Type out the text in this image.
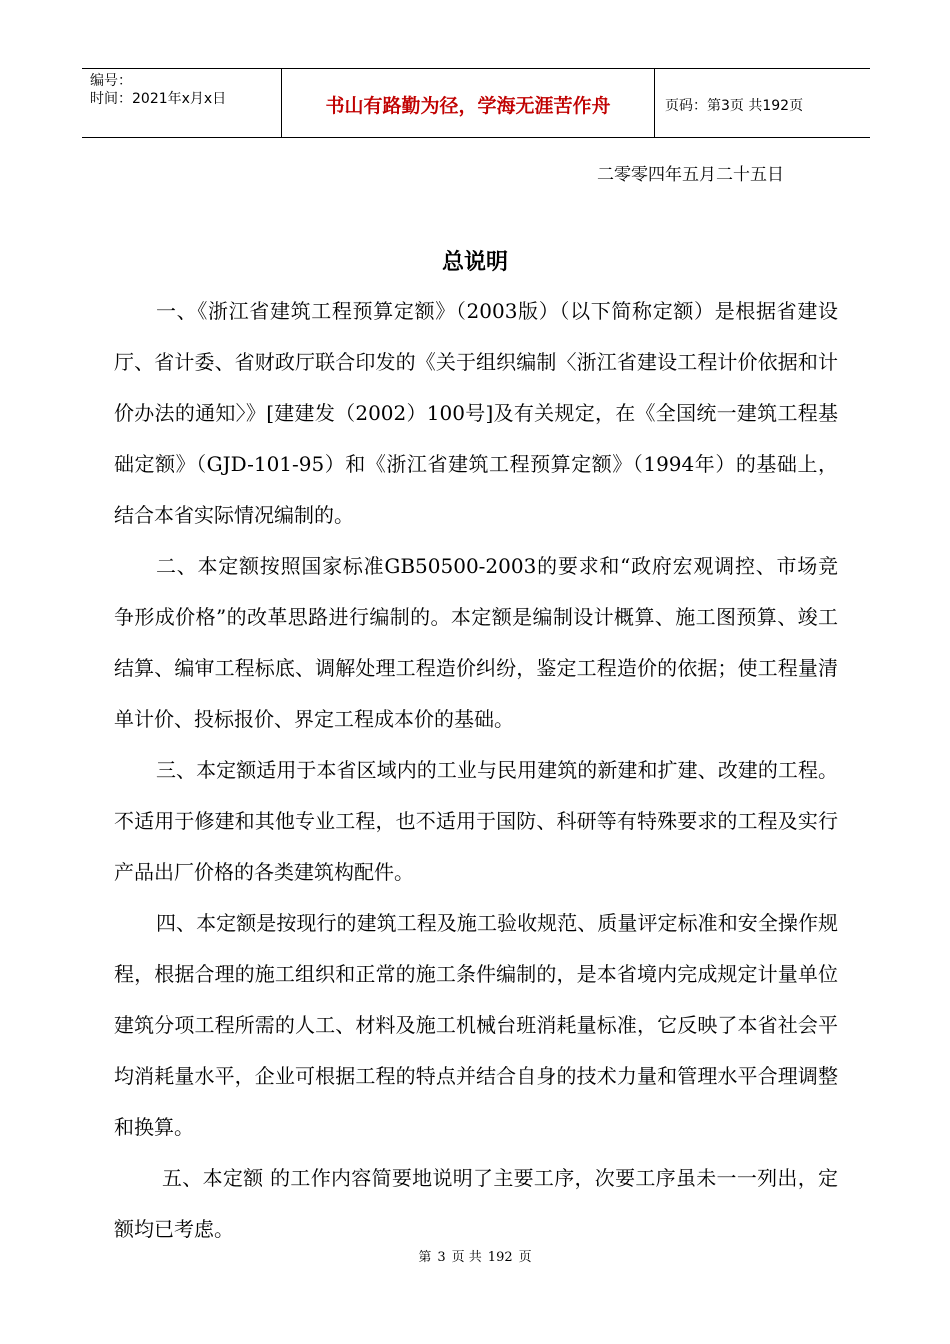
编号：
时间：2021年x月x日	书山有路勤为径，学海无涯苦作舟	页码：第3页 共192页
二零零四年五月二十五日
总说明

一、《浙江省建筑工程预算定额》（2003版）（以下简称定额）是根据省建设厅、省计委、省财政厅联合印发的《关于组织编制〈浙江省建设工程计价依据和计价办法的通知〉》[建建发（2002）100号]及有关规定，在《全国统一建筑工程基础定额》（GJD-101-95）和《浙江省建筑工程预算定额》（1994年）的基础上，结合本省实际情况编制的。

二、本定额按照国家标准GB50500-2003的要求和“政府宏观调控、市场竞争形成价格”的改革思路进行编制的。本定额是编制设计概算、施工图预算、竣工结算、编审工程标底、调解处理工程造价纠纷，鉴定工程造价的依据；使工程量清单计价、投标报价、界定工程成本价的基础。

三、本定额适用于本省区域内的工业与民用建筑的新建和扩建、改建的工程。不适用于修建和其他专业工程，也不适用于国防、科研等有特殊要求的工程及实行产品出厂价格的各类建筑构配件。

四、本定额是按现行的建筑工程及施工验收规范、质量评定标准和安全操作规程，根据合理的施工组织和正常的施工条件编制的，是本省境内完成规定计量单位建筑分项工程所需的人工、材料及施工机械台班消耗量标准，它反映了本省社会平均消耗量水平，企业可根据工程的特点并结合自身的技术力量和管理水平合理调整和换算。

五、本定额 的工作内容简要地说明了主要工序，次要工序虽未一一列出，定额均已考虑。

第 3 页 共 192 页
